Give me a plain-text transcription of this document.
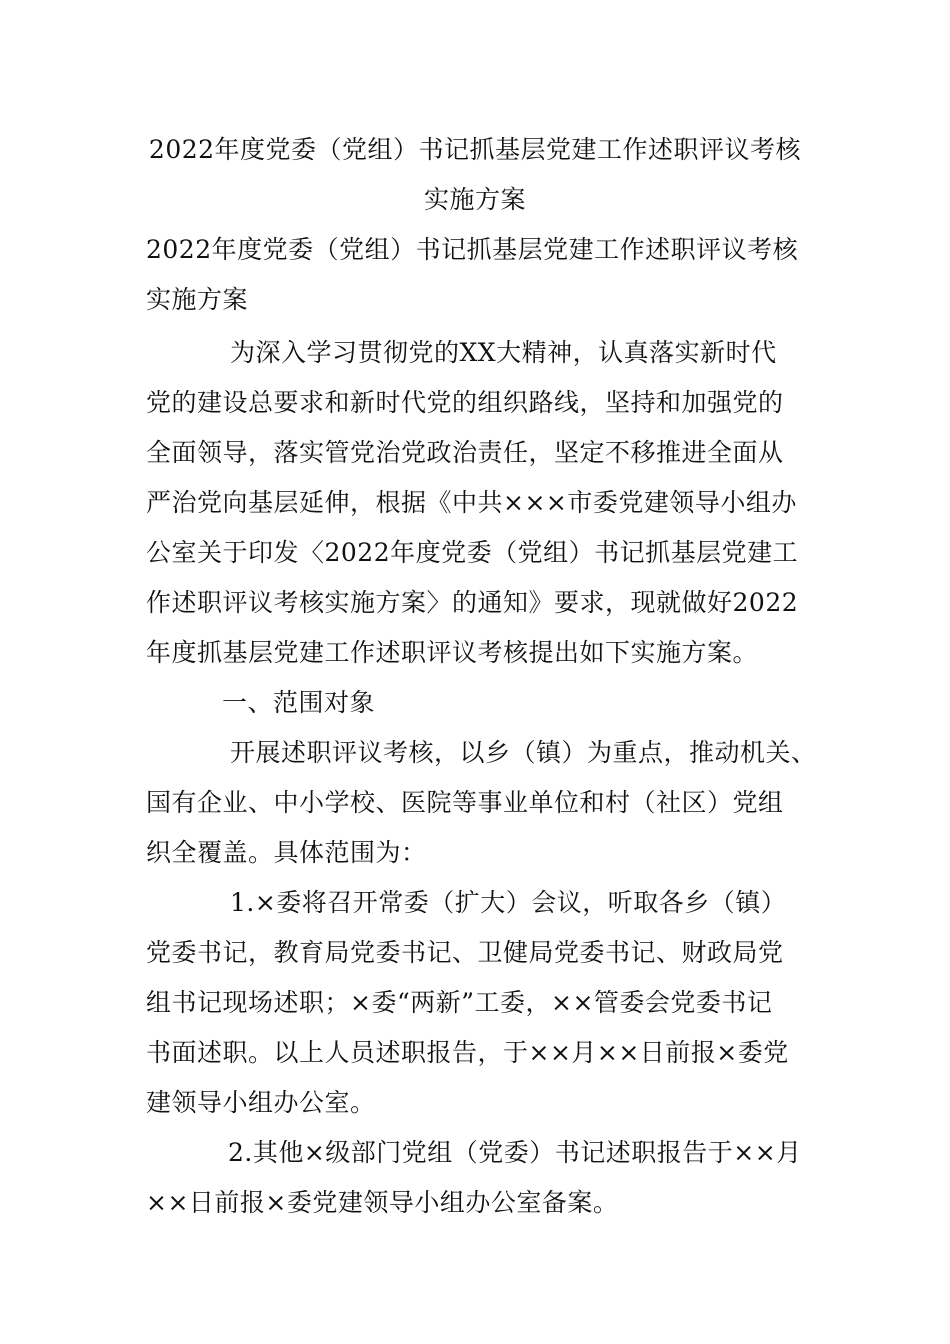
2022年度党委（党组）书记抓基层党建工作述职评议考核
实施方案
2022年度党委（党组）书记抓基层党建工作述职评议考核
实施方案
为深入学习贯彻党的XX大精神，认真落实新时代
党的建设总要求和新时代党的组织路线，坚持和加强党的
全面领导，落实管党治党政治责任，坚定不移推进全面从
严治党向基层延伸，根据《中共×××市委党建领导小组办
公室关于印发〈2022年度党委（党组）书记抓基层党建工
作述职评议考核实施方案〉的通知》要求，现就做好2022
年度抓基层党建工作述职评议考核提出如下实施方案。
一、范围对象
开展述职评议考核，以乡（镇）为重点，推动机关、
国有企业、中小学校、医院等事业单位和村（社区）党组
织全覆盖。具体范围为：
1.×委将召开常委（扩大）会议，听取各乡（镇）
党委书记，教育局党委书记、卫健局党委书记、财政局党
组书记现场述职；×委“两新”工委，××管委会党委书记
书面述职。以上人员述职报告，于××月××日前报×委党
建领导小组办公室。
2.其他×级部门党组（党委）书记述职报告于××月
××日前报×委党建领导小组办公室备案。
